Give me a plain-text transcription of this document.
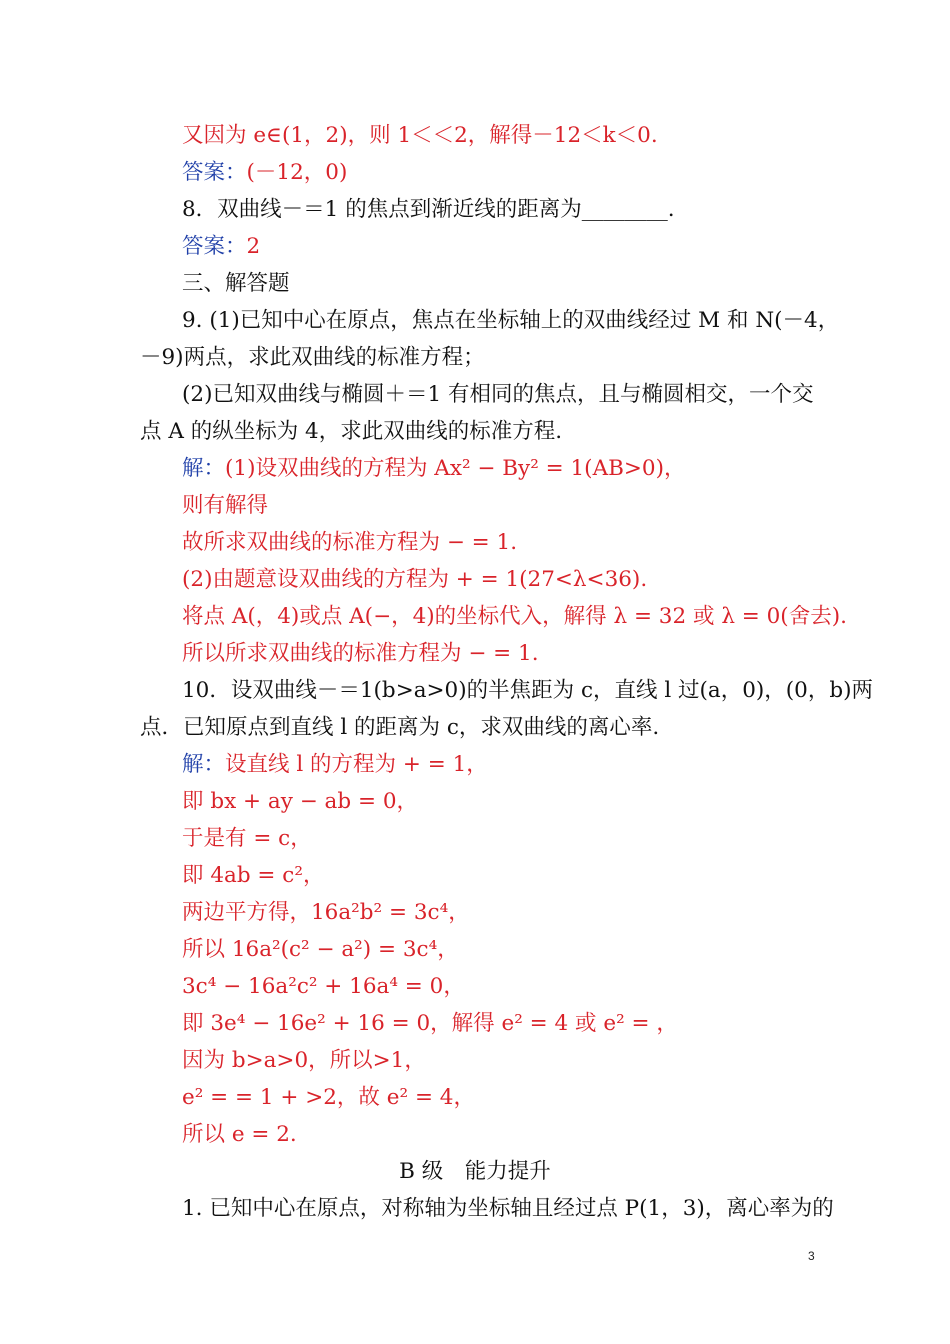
又因为 e∈(1，2)，则 1＜＜2，解得－12＜k＜0.
答案：(－12，0)
8．双曲线－＝1 的焦点到渐近线的距离为________.
答案：2
三、解答题
9. (1)已知中心在原点，焦点在坐标轴上的双曲线经过 M 和 N(－4，
－9)两点，求此双曲线的标准方程；
(2)已知双曲线与椭圆＋＝1 有相同的焦点，且与椭圆相交，一个交
点 A 的纵坐标为 4，求此双曲线的标准方程.
解：(1)设双曲线的方程为 Ax² − By² = 1(AB>0)，
则有解得
故所求双曲线的标准方程为 − = 1.
(2)由题意设双曲线的方程为 + = 1(27<λ<36).
将点 A(，4)或点 A(−，4)的坐标代入，解得 λ = 32 或 λ = 0(舍去).
所以所求双曲线的标准方程为 − = 1.
10．设双曲线－＝1(b>a>0)的半焦距为 c，直线 l 过(a，0)，(0，b)两
点．已知原点到直线 l 的距离为 c，求双曲线的离心率.
解：设直线 l 的方程为 + = 1，
即 bx + ay − ab = 0，
于是有 = c，
即 4ab = c²，
两边平方得，16a²b² = 3c⁴，
所以 16a²(c² − a²) = 3c⁴，
3c⁴ − 16a²c² + 16a⁴ = 0，
即 3e⁴ − 16e² + 16 = 0，解得 e² = 4 或 e² = ，
因为 b>a>0，所以>1，
e² = = 1 + >2，故 e² = 4，
所以 e = 2.
B 级　能力提升
1. 已知中心在原点，对称轴为坐标轴且经过点 P(1，3)，离心率为的
3
